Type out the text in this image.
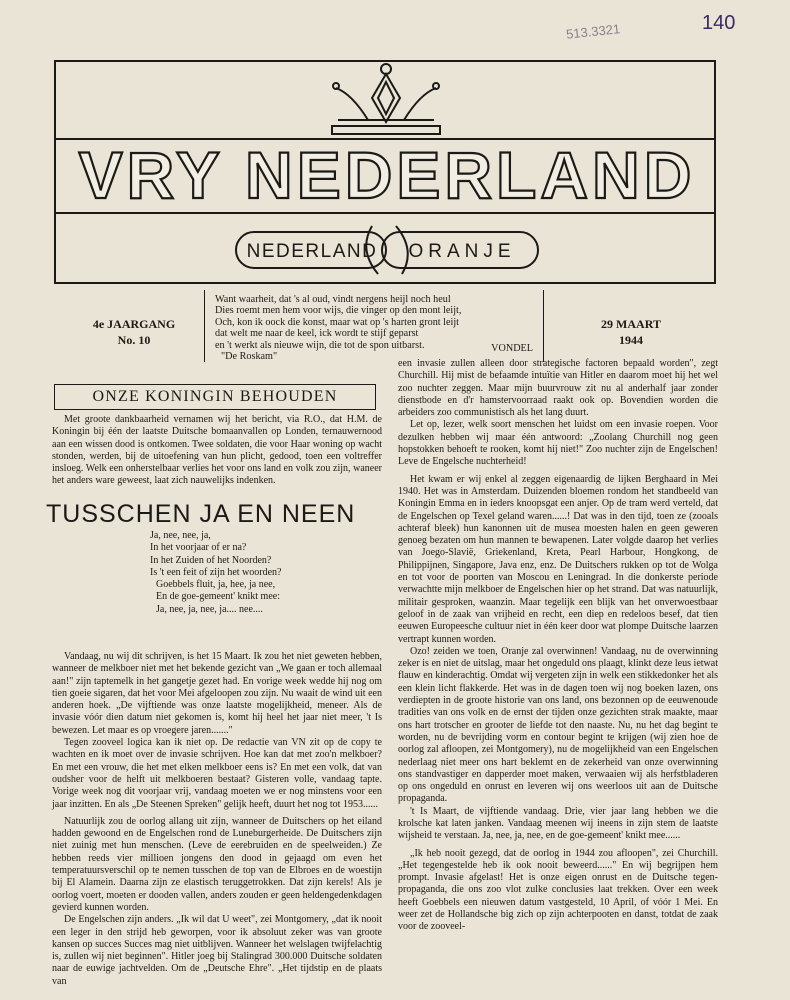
513.3321	140
VRY NEDERLAND
NEDERLAND ORANJE
4e JAARGANG
No. 10
Want waarheit, dat 's al oud, vindt nergens heijl noch heul
Dies roemt men hem voor wijs, die vinger op den mont leijt,
Och, kon ik oock die konst, maar wat op 's harten gront leijt
dat welt me naar de keel, ick wordt te stijf geparst
en 't werkt als nieuwe wijn, die tot de spon uitbarst.
"De Roskam"
VONDEL
29 MAART
1944
ONZE KONINGIN BEHOUDEN

Met groote dankbaarheid vernamen wij het bericht, via R.O., dat H.M. de Koningin bij één der laatste Duitsche bomaanvallen op Londen, ternauwernood aan een wissen dood is ontkomen. Twee soldaten, die voor Haar woning op wacht stonden, werden, bij de uitoefening van hun plicht, gedood, toen een voltreffer insloeg. Welk een onherstelbaar verlies het voor ons land en volk zou zijn, waneer het anders ware geweest, laat zich nauwelijks indenken.

TUSSCHEN JA EN NEEN
Ja, nee, nee, ja,
In het voorjaar of er na?
In het Zuiden of het Noorden?
Is 't een feit of zijn het woorden?
Goebbels fluit, ja, hee, ja nee,
En de goe-gemeent' knikt mee:
Ja, nee, ja, nee, ja.... nee....

Vandaag, nu wij dit schrijven, is het 15 Maart. Ik zou het niet geweten hebben, wanneer de melkboer niet met het bekende gezicht van „We gaan er toch allemaal aan!" zijn taptemelk in het gangetje gezet had. En vorige week wedde hij nog om tien goeie sigaren, dat het voor Mei afgeloopen zou zijn. Nu waait de wind uit een anderen hoek. „De vijftiende was onze laatste mogelijkheid, meneer. Als de invasie vóór dien datum niet gekomen is, komt hij heel het jaar niet meer, 't Is bewezen. Let maar es op vroegere jaren......."

Tegen zooveel logica kan ik niet op. De redactie van VN zit op de copy te wachten en ik moet over de invasie schrijven. Hoe kan dat met zoo'n melkboer? En met een vrouw, die het met elken melkboer eens is? En met een volk, dat van oudsher voor de helft uit melkboeren bestaat? Gisteren volle, vandaag tapte. Vorige week nog dit voorjaar vrij, vandaag moeten we er nog minstens voor een jaar inzitten. En als „De Steenen Spreken" gelijk heeft, duurt het nog tot 1953......

Natuurlijk zou de oorlog allang uit zijn, wanneer de Duitschers op het eiland hadden gewoond en de Engelschen rond de Luneburgerheide. De Duitschers zijn niet zuinig met hun menschen. (Leve de eerebruiden en de speelweiden.) Ze hebben reeds vier millioen jongens den dood in gejaagd om even het temperatuursverschil op te nemen tusschen de top van de Elbroes en de woestijn bij El Alamein. Daarna zijn ze elastisch teruggetrokken. Dat zijn kerels! Als je oorlog voert, moeten er dooden vallen, anders zouden er geen heldengedenkdagen gevierd kunnen worden.

De Engelschen zijn anders. „Ik wil dat U weet", zei Montgomery, „dat ik nooit een leger in den strijd heb geworpen, voor ik absoluut zeker was van groote kansen op succes Succes mag niet uitblijven. Wanneer het welslagen twijfelachtig is, zullen wij niet beginnen". Hitler joeg bij Stalingrad 300.000 Duitsche soldaten naar de euwige jachtvelden. Om de „Deutsche Ehre". „Het tijdstip en de plaats van

een invasie zullen alleen door strategische factoren bepaald worden", zegt Churchill. Hij mist de befaamde intuïtie van Hitler en daarom moet hij het wel zoo nuchter zeggen. Maar mijn buurvrouw zit nu al anderhalf jaar zonder dienstbode en d'r hamstervoorraad raakt ook op. Bovendien worden die arbeiders zoo communistisch als het lang duurt.

Let op, lezer, welk soort menschen het luidst om een invasie roepen. Voor dezulken hebben wij maar één antwoord: „Zoolang Churchill nog geen hopstokken behoeft te rooken, komt hij niet!" Zoo nuchter zijn de Engelschen! Leve de Engelsche nuchterheid!

Het kwam er wij enkel al zeggen eigenaardig de lijken Berghaard in Mei 1940. Het was in Amsterdam. Duizenden bloemen rondom het standbeeld van Koningin Emma en in ieders knoopsgat een anjer. Op de tram werd verteld, dat de Engelschen op Texel geland waren......! Dat was in den tijd, toen ze (zooals achteraf bleek) hun kanonnen uit de musea moesten halen en geen geweren genoeg bezaten om hun mannen te bewapenen. Later volgde daarop het verlies van Joego-Slavië, Griekenland, Kreta, Pearl Harbour, Hongkong, de Philippijnen, Singapore, Java enz, enz. De Duitschers rukken op tot de Wolga en tot voor de poorten van Moscou en Leningrad. In die donkerste periode verwachtte mijn melkboer de Engelschen hier op het strand. Dat was natuurlijk, militair gesproken, waanzin. Maar tegelijk een blijk van het onverwoestbaar geloof in de zaak van vrijheid en recht, een diep en redeloos besef, dat tien eeuwen Europeesche cultuur niet in één keer door wat plompe Duitsche laarzen vertrapt kunnen worden.

Ozo! zeiden we toen, Oranje zal overwinnen! Vandaag, nu de overwinning zeker is en niet de uitslag, maar het ongeduld ons plaagt, klinkt deze leus ietwat flauw en kinderachtig. Omdat wij vergeten zijn in welk een stikkedonker het als een klein licht flakkerde. Het was in de dagen toen wij nog boeken lazen, ons verdiepten in de groote historie van ons land, ons bezonnen op de eeuwenoude tradities van ons volk en de ernst der tijden onze gezichten strak maakte, maar ons hart trotscher en grooter de liefde tot den naaste. Nu, nu het dag begint te worden, nu de bevrijding vorm en contour begint te krijgen (wij zien hoe de oorlog zal afloopen, zei Montgomery), nu de mogelijkheid van een Engelschen nederlaag niet meer ons hart beklemt en de zekerheid van onze overwinning ons standvastiger en dapperder moet maken, verwaaien wij als herfstbladeren op ons ongeduld en onrust en leveren wij ons weerloos uit aan de Duitsche propaganda.

't Is Maart, de vijftiende vandaag. Drie, vier jaar lang hebben we die krolsche kat laten janken. Vandaag meenen wij ineens in zijn stem de laatste wijsheid te verstaan. Ja, nee, ja, nee, en de goe-gemeent' knikt mee......

„Ik heb nooit gezegd, dat de oorlog in 1944 zou afloopen", zei Churchill. „Het tegengestelde heb ik ook nooit beweerd......" En wij begrijpen hem prompt. Invasie afgelast! Het is onze eigen onrust en de Duitsche tegen-propaganda, die ons zoo vlot zulke conclusies laat trekken. Over een week heeft Goebbels een nieuwen datum vastgesteld, 10 April, of vóór 1 Mei. En weer zet de Hollandsche big zich op zijn achterpooten en danst, totdat de zaak voor de zooveel-
